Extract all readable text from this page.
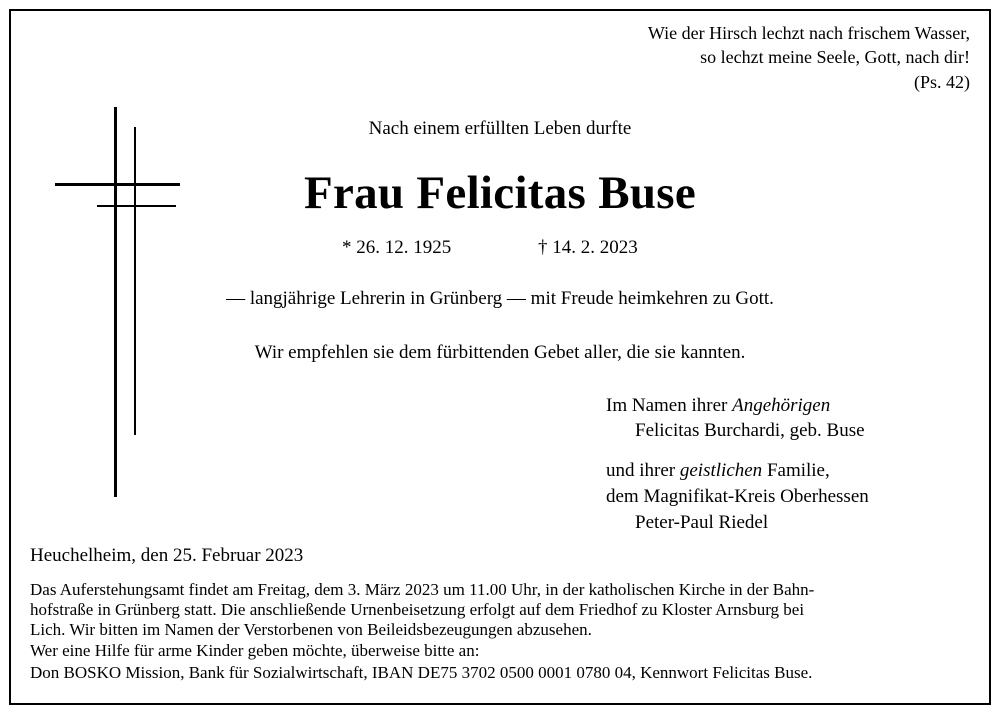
Wie der Hirsch lechzt nach frischem Wasser,
so lechzt meine Seele, Gott, nach dir!
(Ps. 42)
Nach einem erfüllten Leben durfte
Frau Felicitas Buse
* 26. 12. 1925	† 14. 2. 2023
— langjährige Lehrerin in Grünberg — mit Freude heimkehren zu Gott.
Wir empfehlen sie dem fürbittenden Gebet aller, die sie kannten.
Im Namen ihrer Angehörigen
Felicitas Burchardi, geb. Buse
und ihrer geistlichen Familie,
dem Magnifikat-Kreis Oberhessen
Peter-Paul Riedel
Heuchelheim, den 25. Februar 2023
Das Auferstehungsamt findet am Freitag, dem 3. März 2023 um 11.00 Uhr, in der katholischen Kirche in der Bahn-
hofstraße in Grünberg statt. Die anschließende Urnenbeisetzung erfolgt auf dem Friedhof zu Kloster Arnsburg bei
Lich. Wir bitten im Namen der Verstorbenen von Beileidsbezeugungen abzusehen.
Wer eine Hilfe für arme Kinder geben möchte, überweise bitte an:
Don BOSKO Mission, Bank für Sozialwirtschaft, IBAN DE75 3702 0500 0001 0780 04, Kennwort Felicitas Buse.
